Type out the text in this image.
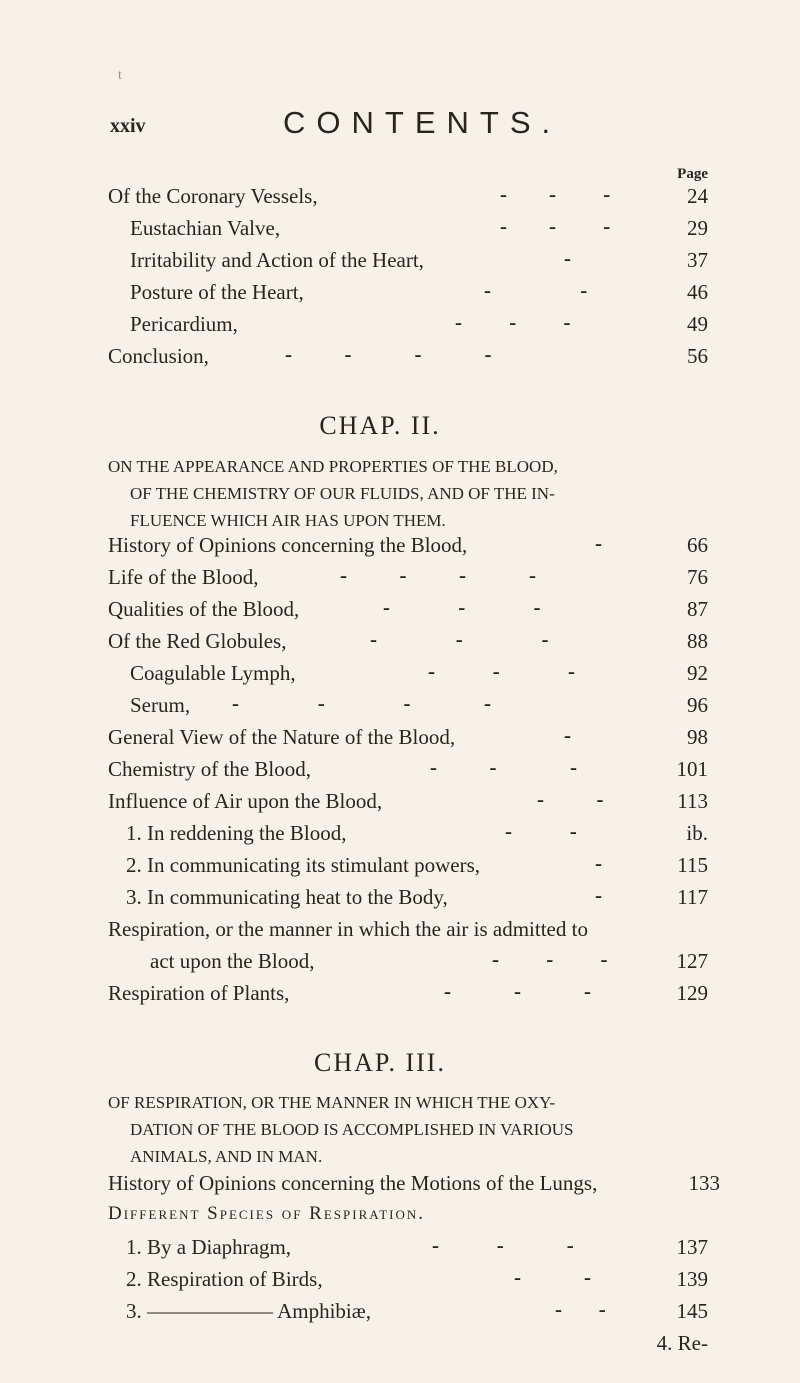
t
xxiv	CONTENTS.
Page
Of the Coronary Vessels,	-        -         -	24
Eustachian Valve,	-        -         -	29
Irritability and Action of the Heart,	-	37
Posture of the Heart,	-                 -	46
Pericardium,	-         -         -	49
Conclusion,	-          -            -            -	56
CHAP. II.
ON THE APPEARANCE AND PROPERTIES OF THE BLOOD,
OF THE CHEMISTRY OF OUR FLUIDS, AND OF THE IN-
FLUENCE WHICH AIR HAS UPON THEM.
History of Opinions concerning the Blood,	-	66
Life of the Blood,	-          -          -            -	76
Qualities of the Blood,	-             -             -	87
Of the Red Globules,	-               -               -	88
Coagulable Lymph,	-           -             -	92
Serum, -               -               -              -	96
General View of the Nature of the Blood,	-	98
Chemistry of the Blood,	-          -              -	101
Influence of Air upon the Blood,	-          -	113
1. In reddening the Blood,	-           -	ib.
2. In communicating its stimulant powers,	-	115
3. In communicating heat to the Body,	-	117
Respiration, or the manner in which the air is admitted to
act upon the Blood,	-         -         -	127
Respiration of Plants,	-            -            -	129
CHAP. III.
OF RESPIRATION, OR THE MANNER IN WHICH THE OXY-
DATION OF THE BLOOD IS ACCOMPLISHED IN VARIOUS
ANIMALS, AND IN MAN.
History of Opinions concerning the Motions of the Lungs,	133
Different Species of Respiration.
1. By a Diaphragm,	-           -            -	137
2. Respiration of Birds,	-            -	139
3. —————— Amphibiæ,	-       -	145
4. Re-
